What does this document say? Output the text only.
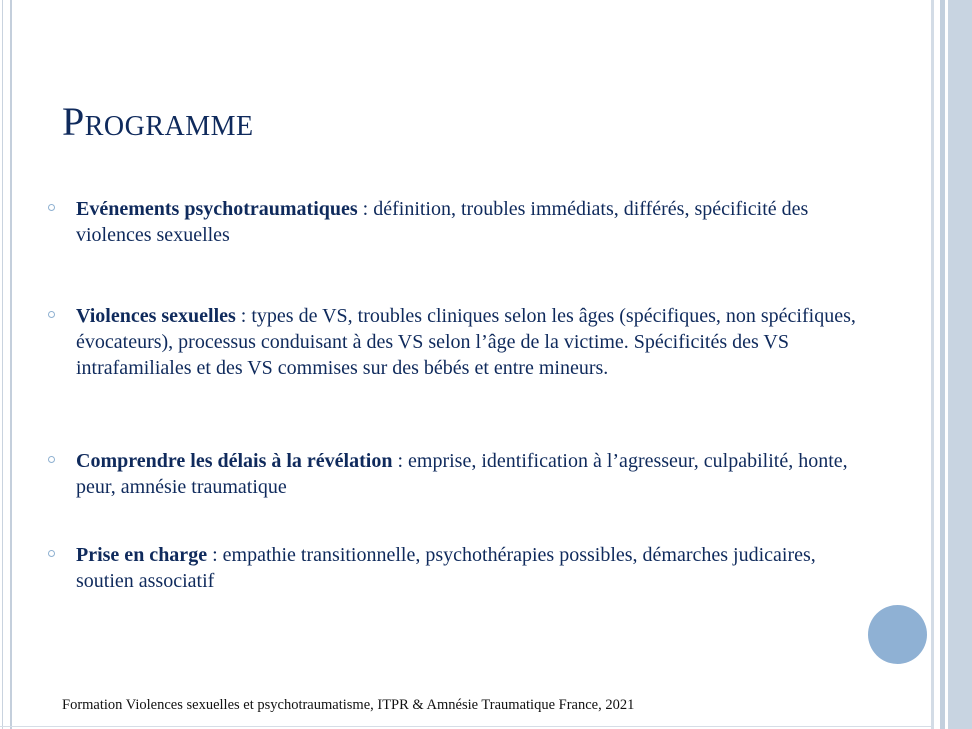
Programme
Evénements psychotraumatiques : définition, troubles immédiats, différés, spécificité des violences sexuelles
Violences sexuelles : types de VS, troubles cliniques selon les âges (spécifiques, non spécifiques, évocateurs), processus conduisant à des VS selon l’âge de la victime. Spécificités des VS intrafamiliales et des VS commises sur des bébés et entre mineurs.
Comprendre les délais à la révélation : emprise, identification à l’agresseur, culpabilité, honte, peur, amnésie traumatique
Prise en charge : empathie transitionnelle, psychothérapies possibles, démarches judicaires, soutien associatif
Formation Violences sexuelles et psychotraumatisme, ITPR & Amnésie Traumatique France, 2021
